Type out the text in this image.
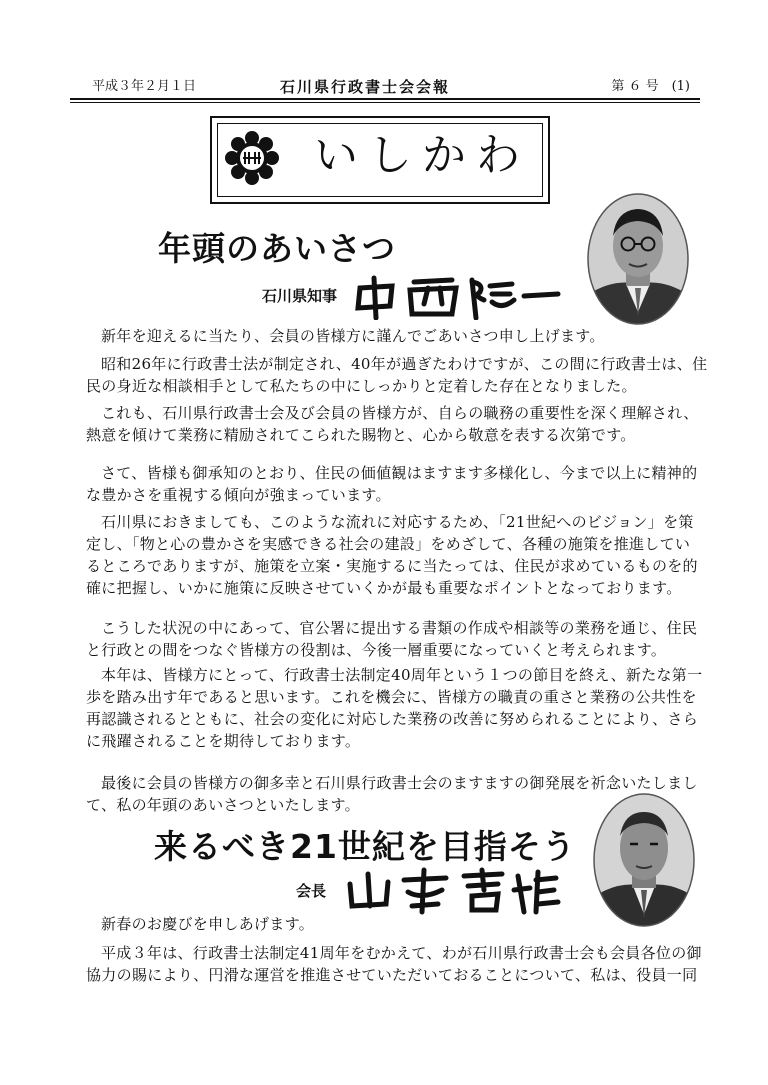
平成３年２月１日	石川県行政書士会会報	第 ６ 号　(1)
いしかわ
年頭のあいさつ
石川県知事
新年を迎えるに当たり、会員の皆様方に謹んでごあいさつ申し上げます。
昭和26年に行政書士法が制定され、40年が過ぎたわけですが、この間に行政書士は、住
民の身近な相談相手として私たちの中にしっかりと定着した存在となりました。
これも、石川県行政書士会及び会員の皆様方が、自らの職務の重要性を深く理解され、
熱意を傾けて業務に精励されてこられた賜物と、心から敬意を表する次第です。
さて、皆様も御承知のとおり、住民の価値観はますます多様化し、今まで以上に精神的
な豊かさを重視する傾向が強まっています。
石川県におきましても、このような流れに対応するため、「21世紀へのビジョン」を策
定し、「物と心の豊かさを実感できる社会の建設」をめざして、各種の施策を推進してい
るところでありますが、施策を立案・実施するに当たっては、住民が求めているものを的
確に把握し、いかに施策に反映させていくかが最も重要なポイントとなっております。
こうした状況の中にあって、官公署に提出する書類の作成や相談等の業務を通じ、住民
と行政との間をつなぐ皆様方の役割は、今後一層重要になっていくと考えられます。
本年は、皆様方にとって、行政書士法制定40周年という１つの節目を終え、新たな第一
歩を踏み出す年であると思います。これを機会に、皆様方の職責の重さと業務の公共性を
再認識されるとともに、社会の変化に対応した業務の改善に努められることにより、さら
に飛躍されることを期待しております。
最後に会員の皆様方の御多幸と石川県行政書士会のますますの御発展を祈念いたしまし
て、私の年頭のあいさつといたします。
来るべき21世紀を目指そう
会長
新春のお慶びを申しあげます。
平成３年は、行政書士法制定41周年をむかえて、わが石川県行政書士会も会員各位の御
協力の賜により、円滑な運営を推進させていただいておることについて、私は、役員一同
